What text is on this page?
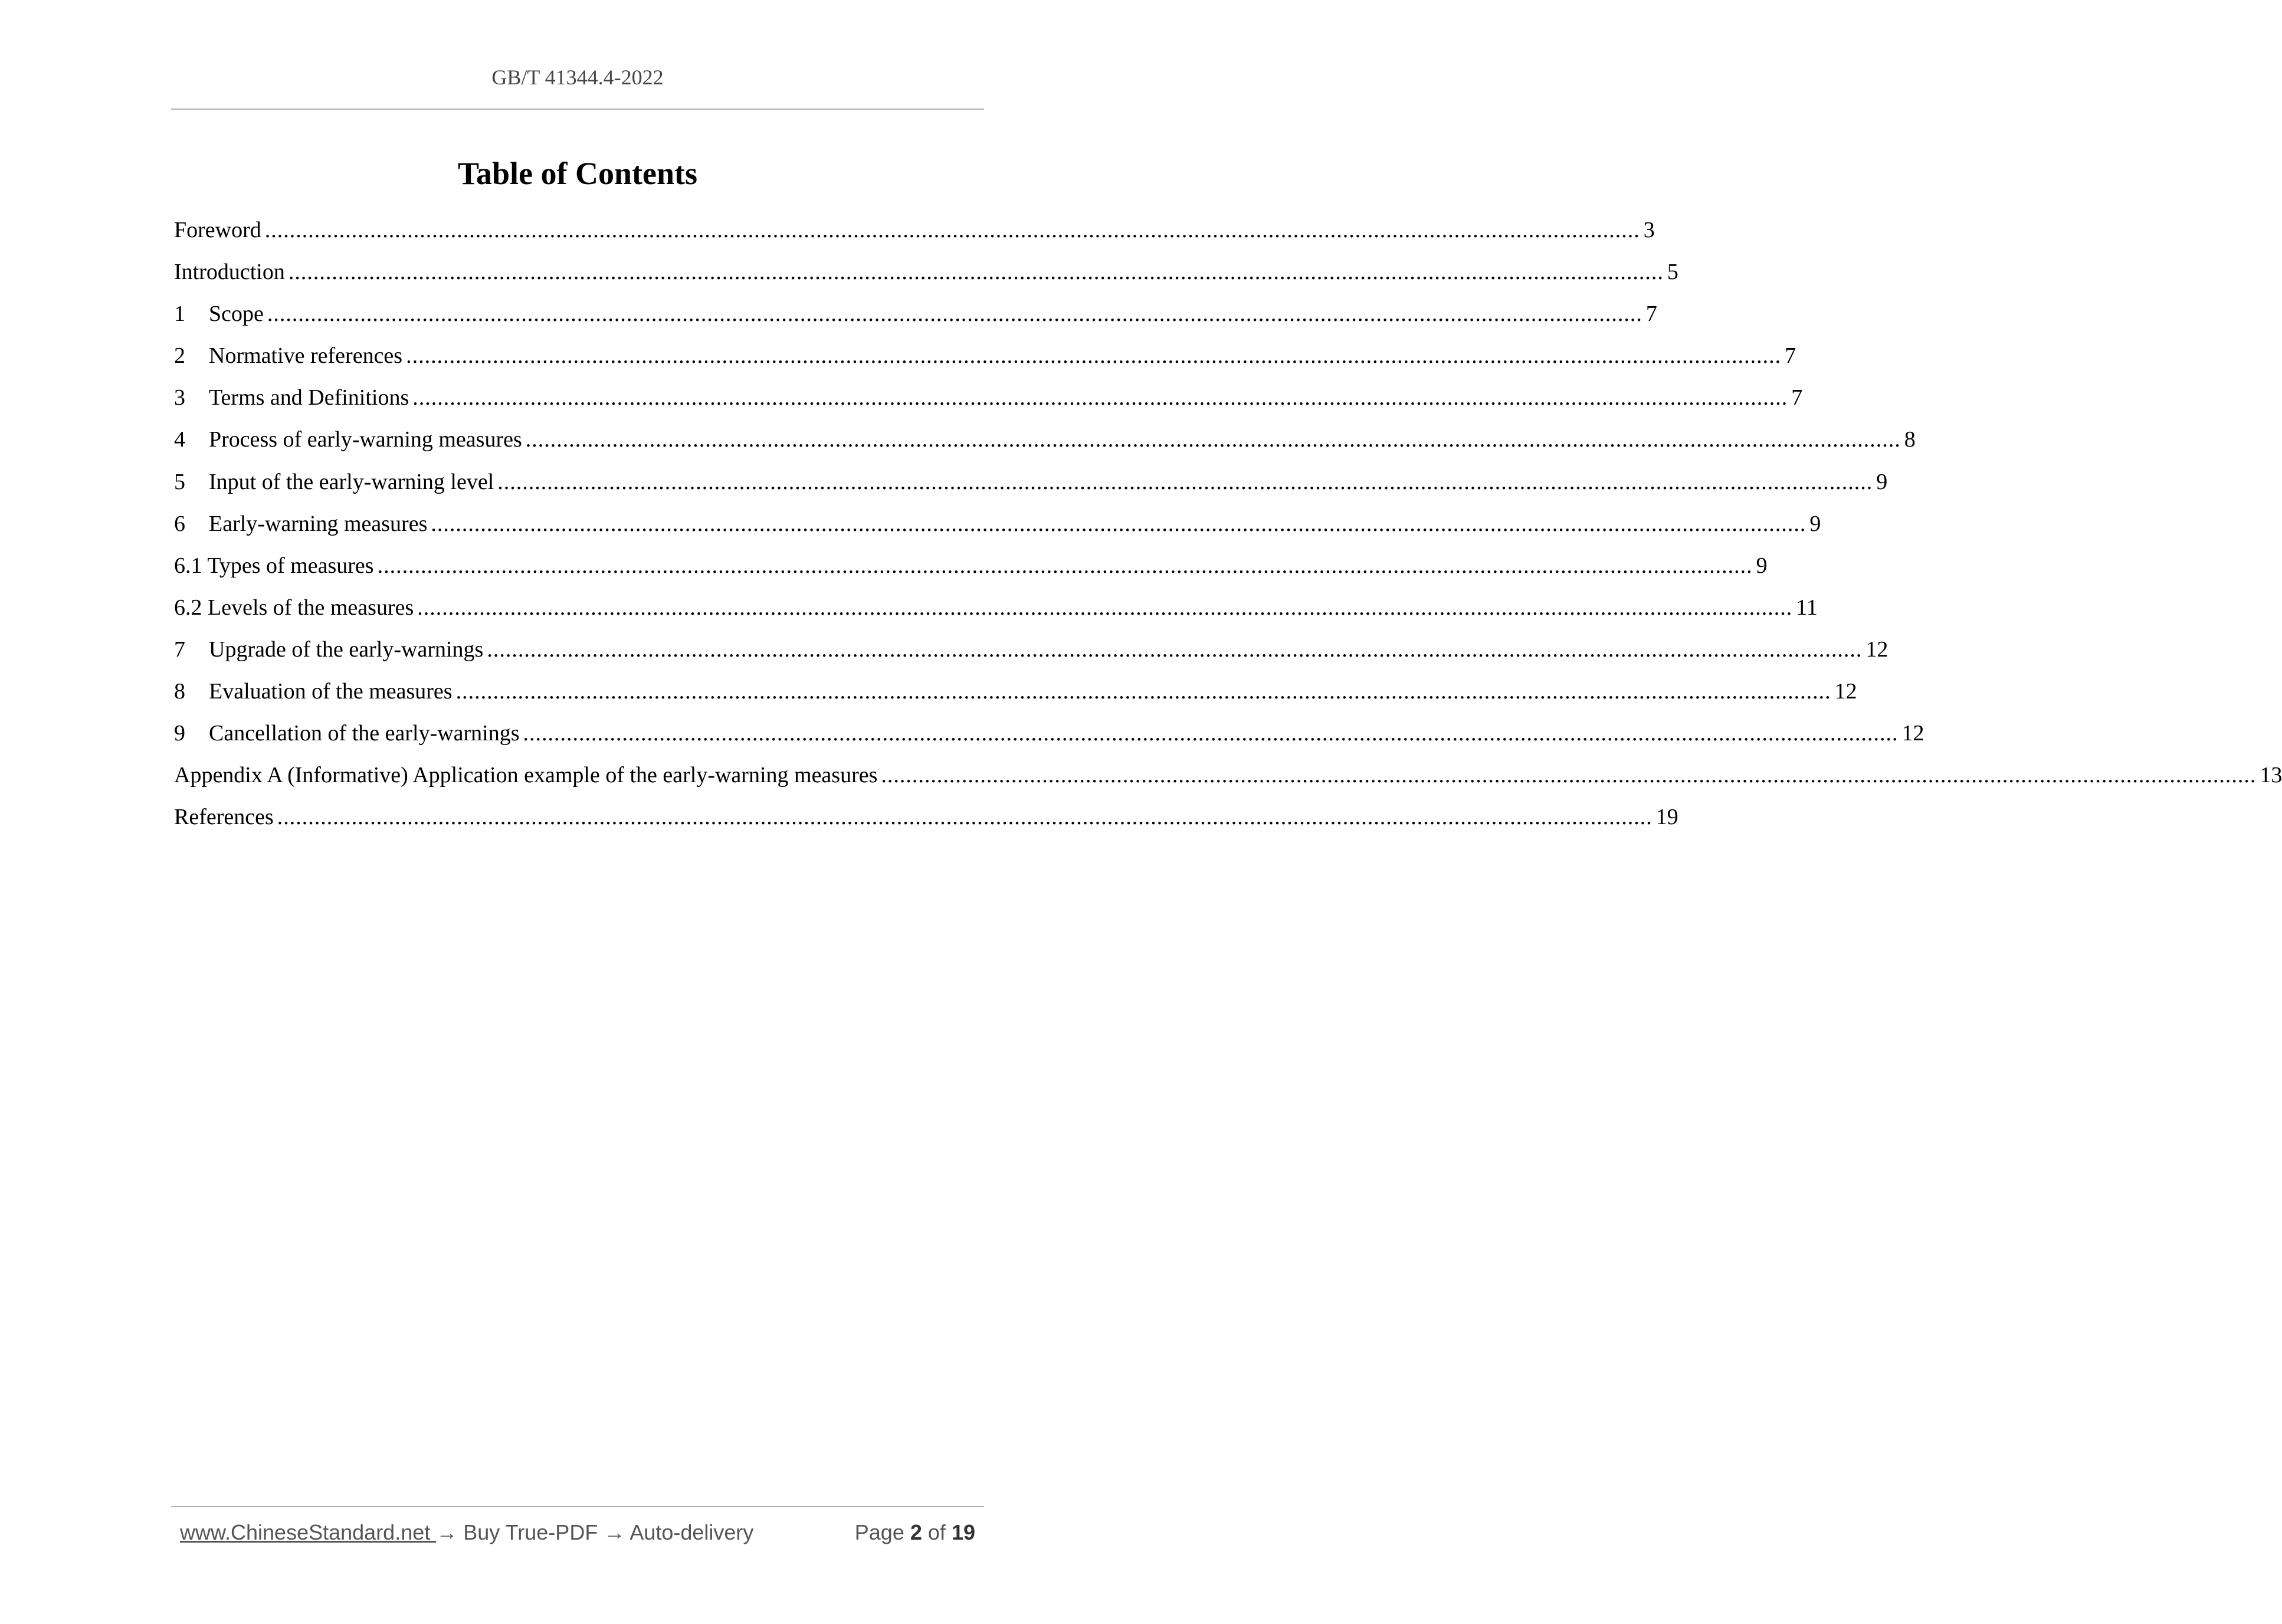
GB/T 41344.4-2022
Table of Contents
Foreword .............................................................................................................................................................................................................................. 3
Introduction .............................................................................................................................................................................................................................. 5
1	Scope .............................................................................................................................................................................................................................. 7
2	Normative references .............................................................................................................................................................................................................................. 7
3	Terms and Definitions .............................................................................................................................................................................................................................. 7
4	Process of early-warning measures .............................................................................................................................................................................................................................. 8
5	Input of the early-warning level .............................................................................................................................................................................................................................. 9
6	Early-warning measures .............................................................................................................................................................................................................................. 9
6.1 Types of measures .............................................................................................................................................................................................................................. 9
6.2 Levels of the measures .............................................................................................................................................................................................................................. 11
7	Upgrade of the early-warnings .............................................................................................................................................................................................................................. 12
8	Evaluation of the measures .............................................................................................................................................................................................................................. 12
9	Cancellation of the early-warnings .............................................................................................................................................................................................................................. 12
Appendix A (Informative) Application example of the early-warning measures .............................................................................................................................................................................................................................. 13
References .............................................................................................................................................................................................................................. 19
www.ChineseStandard.net → Buy True-PDF → Auto-delivery	Page 2 of 19
